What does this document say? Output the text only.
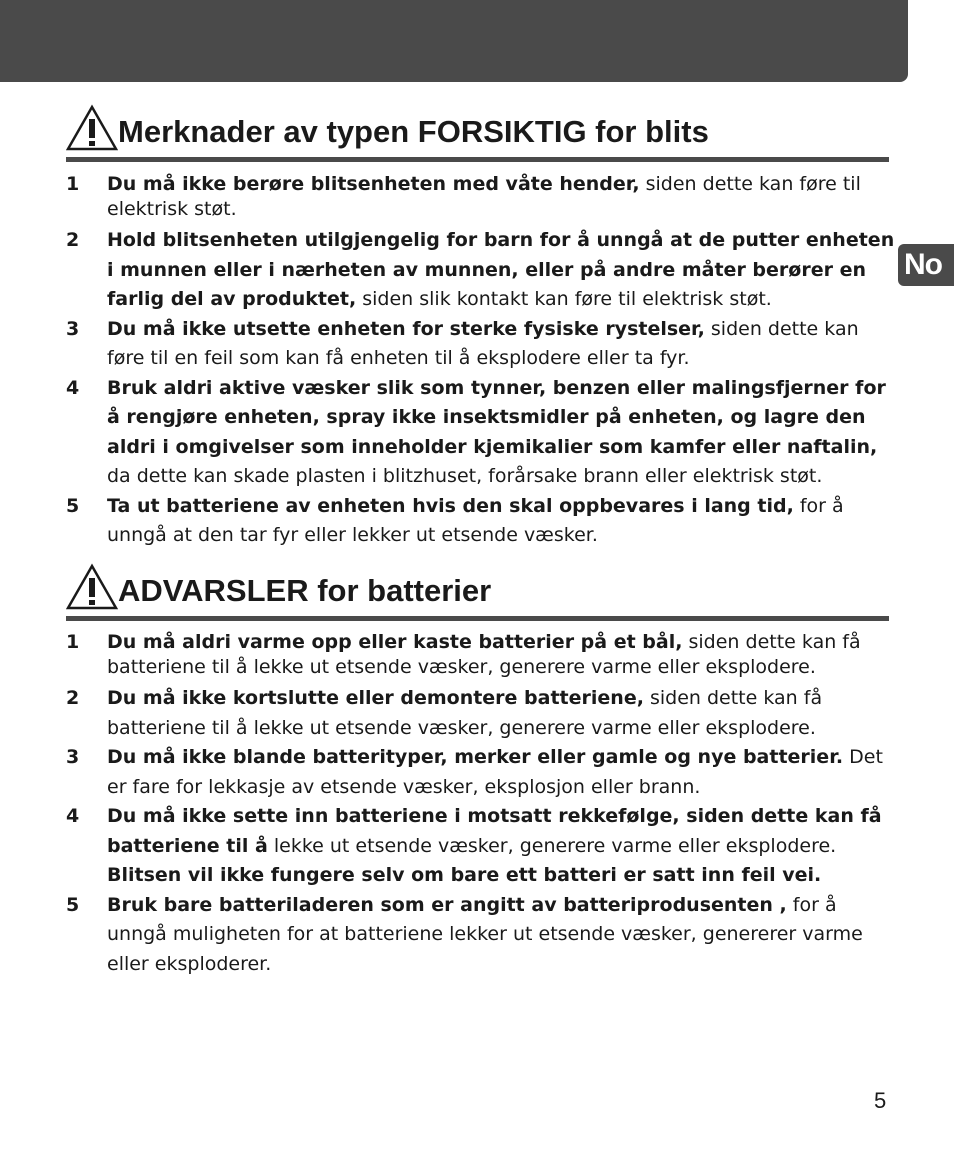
No
Merknader av typen FORSIKTIG for blits
1 Du må ikke berøre blitsenheten med våte hender, siden dette kan føre til elektrisk støt.
2 Hold blitsenheten utilgjengelig for barn for å unngå at de putter enheten i munnen eller i nærheten av munnen, eller på andre måter berører en farlig del av produktet, siden slik kontakt kan føre til elektrisk støt.
3 Du må ikke utsette enheten for sterke fysiske rystelser, siden dette kan føre til en feil som kan få enheten til å eksplodere eller ta fyr.
4 Bruk aldri aktive væsker slik som tynner, benzen eller malingsfjerner for å rengjøre enheten, spray ikke insektsmidler på enheten, og lagre den aldri i omgivelser som inneholder kjemikalier som kamfer eller naftalin, da dette kan skade plasten i blitzhuset, forårsake brann eller elektrisk støt.
5 Ta ut batteriene av enheten hvis den skal oppbevares i lang tid, for å unngå at den tar fyr eller lekker ut etsende væsker.
ADVARSLER for batterier
1 Du må aldri varme opp eller kaste batterier på et bål, siden dette kan få batteriene til å lekke ut etsende væsker, generere varme eller eksplodere.
2 Du må ikke kortslutte eller demontere batteriene, siden dette kan få batteriene til å lekke ut etsende væsker, generere varme eller eksplodere.
3 Du må ikke blande batterityper, merker eller gamle og nye batterier. Det er fare for lekkasje av etsende væsker, eksplosjon eller brann.
4 Du må ikke sette inn batteriene i motsatt rekkefølge, siden dette kan få batteriene til å lekke ut etsende væsker, generere varme eller eksplodere.
Blitsen vil ikke fungere selv om bare ett batteri er satt inn feil vei.
5 Bruk bare batteriladeren som er angitt av batteriprodusenten , for å unngå muligheten for at batteriene lekker ut etsende væsker, genererer varme eller eksploderer.
5
